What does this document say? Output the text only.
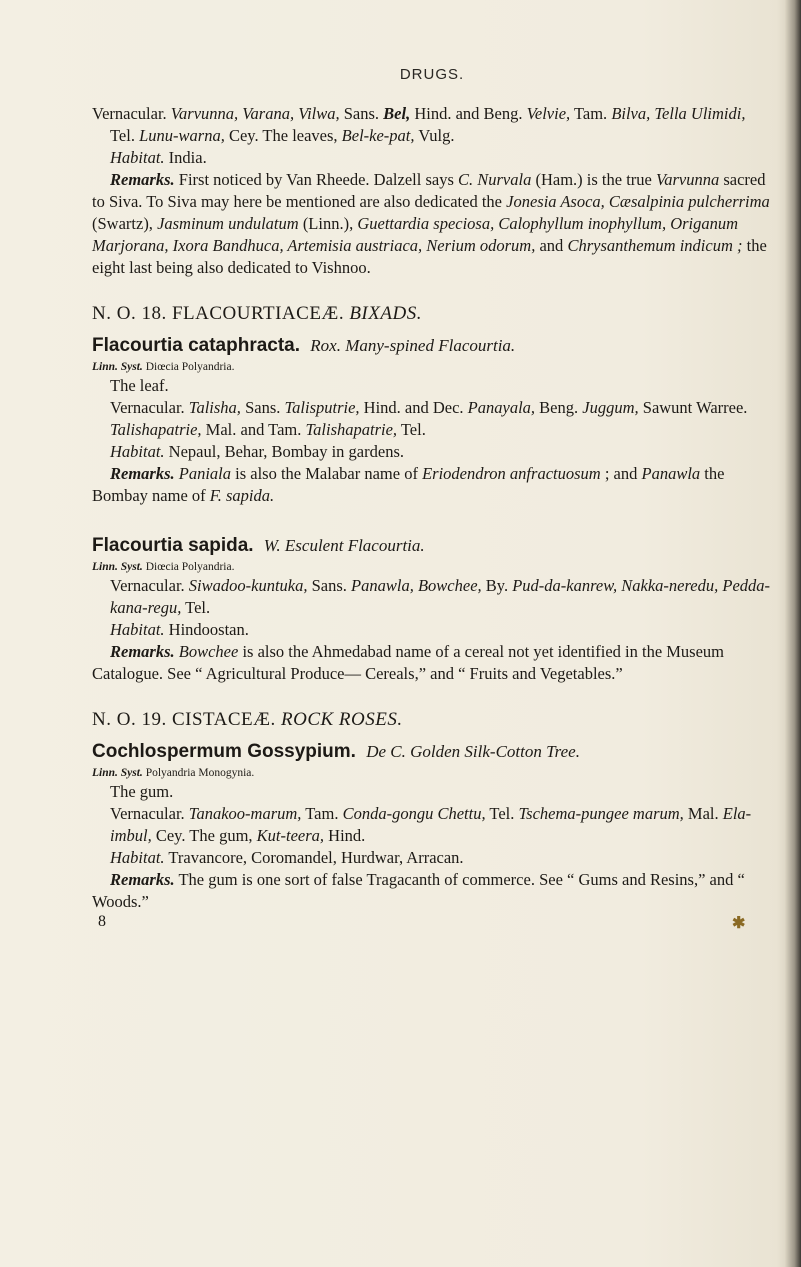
DRUGS.

Vernacular. Varvunna, Varana, Vilwa, Sans. Bel, Hind. and Beng. Velvie, Tam. Bilva, Tella Ulimidi, Tel. Lunu-warna, Cey. The leaves, Bel-ke-pat, Vulg.

Habitat. India.

Remarks. First noticed by Van Rheede. Dalzell says C. Nurvala (Ham.) is the true Varvunna sacred to Siva. To Siva may here be mentioned are also dedicated the Jonesia Asoca, Cæsalpinia pulcherrima (Swartz), Jasminum undulatum (Linn.), Guettardia speciosa, Calophyllum inophyllum, Origanum Marjorana, Ixora Bandhuca, Artemisia austriaca, Nerium odorum, and Chrysanthemum indicum ; the eight last being also dedicated to Vishnoo.

N. O. 18. FLACOURTIACEÆ. BIXADS.
Flacourtia cataphracta. Rox. Many-spined Flacourtia.
Linn. Syst. Diœcia Polyandria.

The leaf.

Vernacular. Talisha, Sans. Talisputrie, Hind. and Dec. Panayala, Beng. Juggum, Sawunt Warree. Talishapatrie, Mal. and Tam. Talishapatrie, Tel.

Habitat. Nepaul, Behar, Bombay in gardens.

Remarks. Paniala is also the Malabar name of Eriodendron anfractuosum ; and Panawla the Bombay name of F. sapida.

Flacourtia sapida. W. Esculent Flacourtia.
Linn. Syst. Diœcia Polyandria.

Vernacular. Siwadoo-kuntuka, Sans. Panawla, Bowchee, By. Pud-da-kanrew, Nakka-neredu, Pedda-kana-regu, Tel.

Habitat. Hindoostan.

Remarks. Bowchee is also the Ahmedabad name of a cereal not yet identified in the Museum Catalogue. See “ Agricultural Produce— Cereals,” and “ Fruits and Vegetables.”

N. O. 19. CISTACEÆ. ROCK ROSES.
Cochlospermum Gossypium. De C. Golden Silk-Cotton Tree.
Linn. Syst. Polyandria Monogynia.

The gum.

Vernacular. Tanakoo-marum, Tam. Conda-gongu Chettu, Tel. Tschema-pungee marum, Mal. Ela-imbul, Cey. The gum, Kut-teera, Hind.

Habitat. Travancore, Coromandel, Hurdwar, Arracan.

Remarks. The gum is one sort of false Tragacanth of commerce. See “ Gums and Resins,” and “ Woods.”

8	✱
